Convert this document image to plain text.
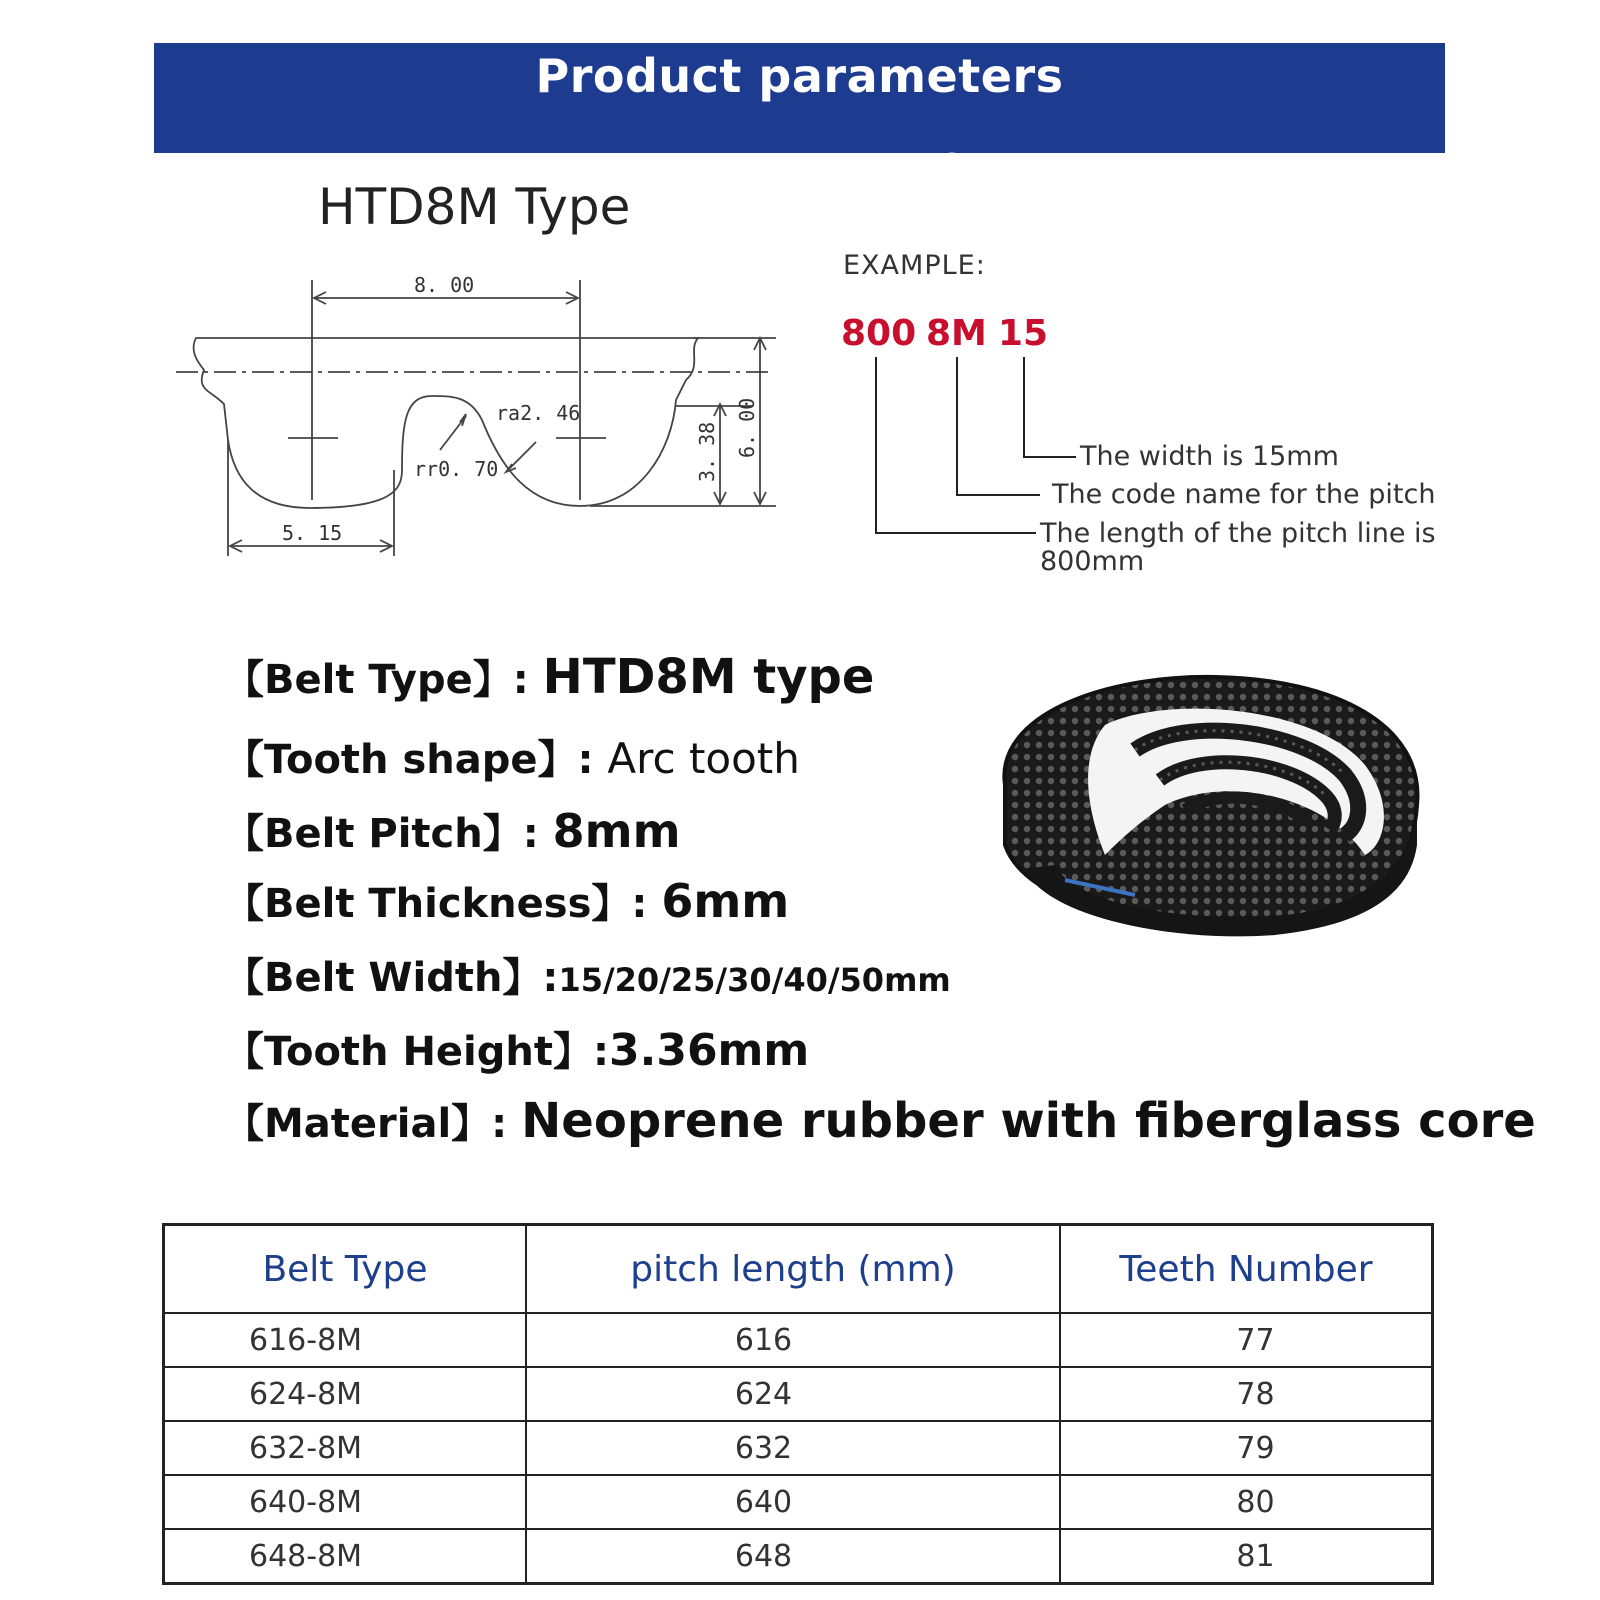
Product parameters
HTD8M Type
8. 00
ra2. 46
rr0. 70
5. 15
3. 38 6. 00
EXAMPLE:
800 8M 15
The width is 15mm
The code name for the pitch
The length of the pitch line is
800mm
【Belt Type】: HTD8M type
【Tooth shape】: Arc tooth
【Belt Pitch】: 8mm
【Belt Thickness】: 6mm
【Belt Width】:15/20/25/30/40/50mm
【Tooth Height】:3.36mm
【Material】: Neoprene rubber with fiberglass core
Belt Type	pitch length (mm)	Teeth Number
616-8M	616	77
624-8M	624	78
632-8M	632	79
640-8M	640	80
648-8M	648	81
